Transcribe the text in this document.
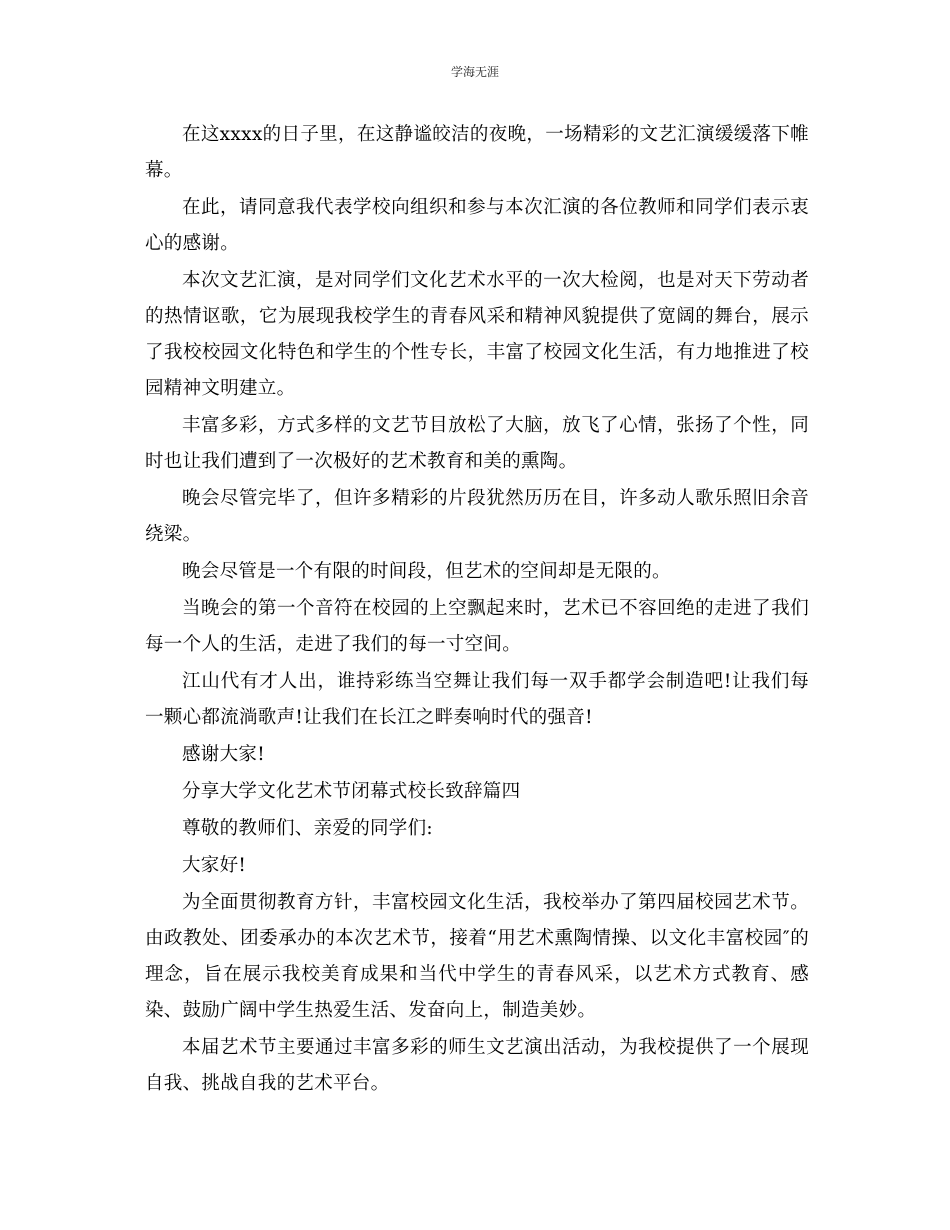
学海无涯

在这xxxx的日子里，在这静谧皎洁的夜晚，一场精彩的文艺汇演缓缓落下帷幕。

在此，请同意我代表学校向组织和参与本次汇演的各位教师和同学们表示衷心的感谢。

本次文艺汇演，是对同学们文化艺术水平的一次大检阅，也是对天下劳动者的热情讴歌，它为展现我校学生的青春风采和精神风貌提供了宽阔的舞台，展示了我校校园文化特色和学生的个性专长，丰富了校园文化生活，有力地推进了校园精神文明建立。

丰富多彩，方式多样的文艺节目放松了大脑，放飞了心情，张扬了个性，同时也让我们遭到了一次极好的艺术教育和美的熏陶。

晚会尽管完毕了，但许多精彩的片段犹然历历在目，许多动人歌乐照旧余音绕梁。

晚会尽管是一个有限的时间段，但艺术的空间却是无限的。

当晚会的第一个音符在校园的上空飘起来时，艺术已不容回绝的走进了我们每一个人的生活，走进了我们的每一寸空间。

江山代有才人出，谁持彩练当空舞让我们每一双手都学会制造吧!让我们每一颗心都流淌歌声!让我们在长江之畔奏响时代的强音!

感谢大家!

分享大学文化艺术节闭幕式校长致辞篇四

尊敬的教师们、亲爱的同学们:

大家好!

为全面贯彻教育方针，丰富校园文化生活，我校举办了第四届校园艺术节。由政教处、团委承办的本次艺术节，接着“用艺术熏陶情操、以文化丰富校园″的理念，旨在展示我校美育成果和当代中学生的青春风采，以艺术方式教育、感染、鼓励广阔中学生热爱生活、发奋向上，制造美妙。

本届艺术节主要通过丰富多彩的师生文艺演出活动，为我校提供了一个展现自我、挑战自我的艺术平台。
